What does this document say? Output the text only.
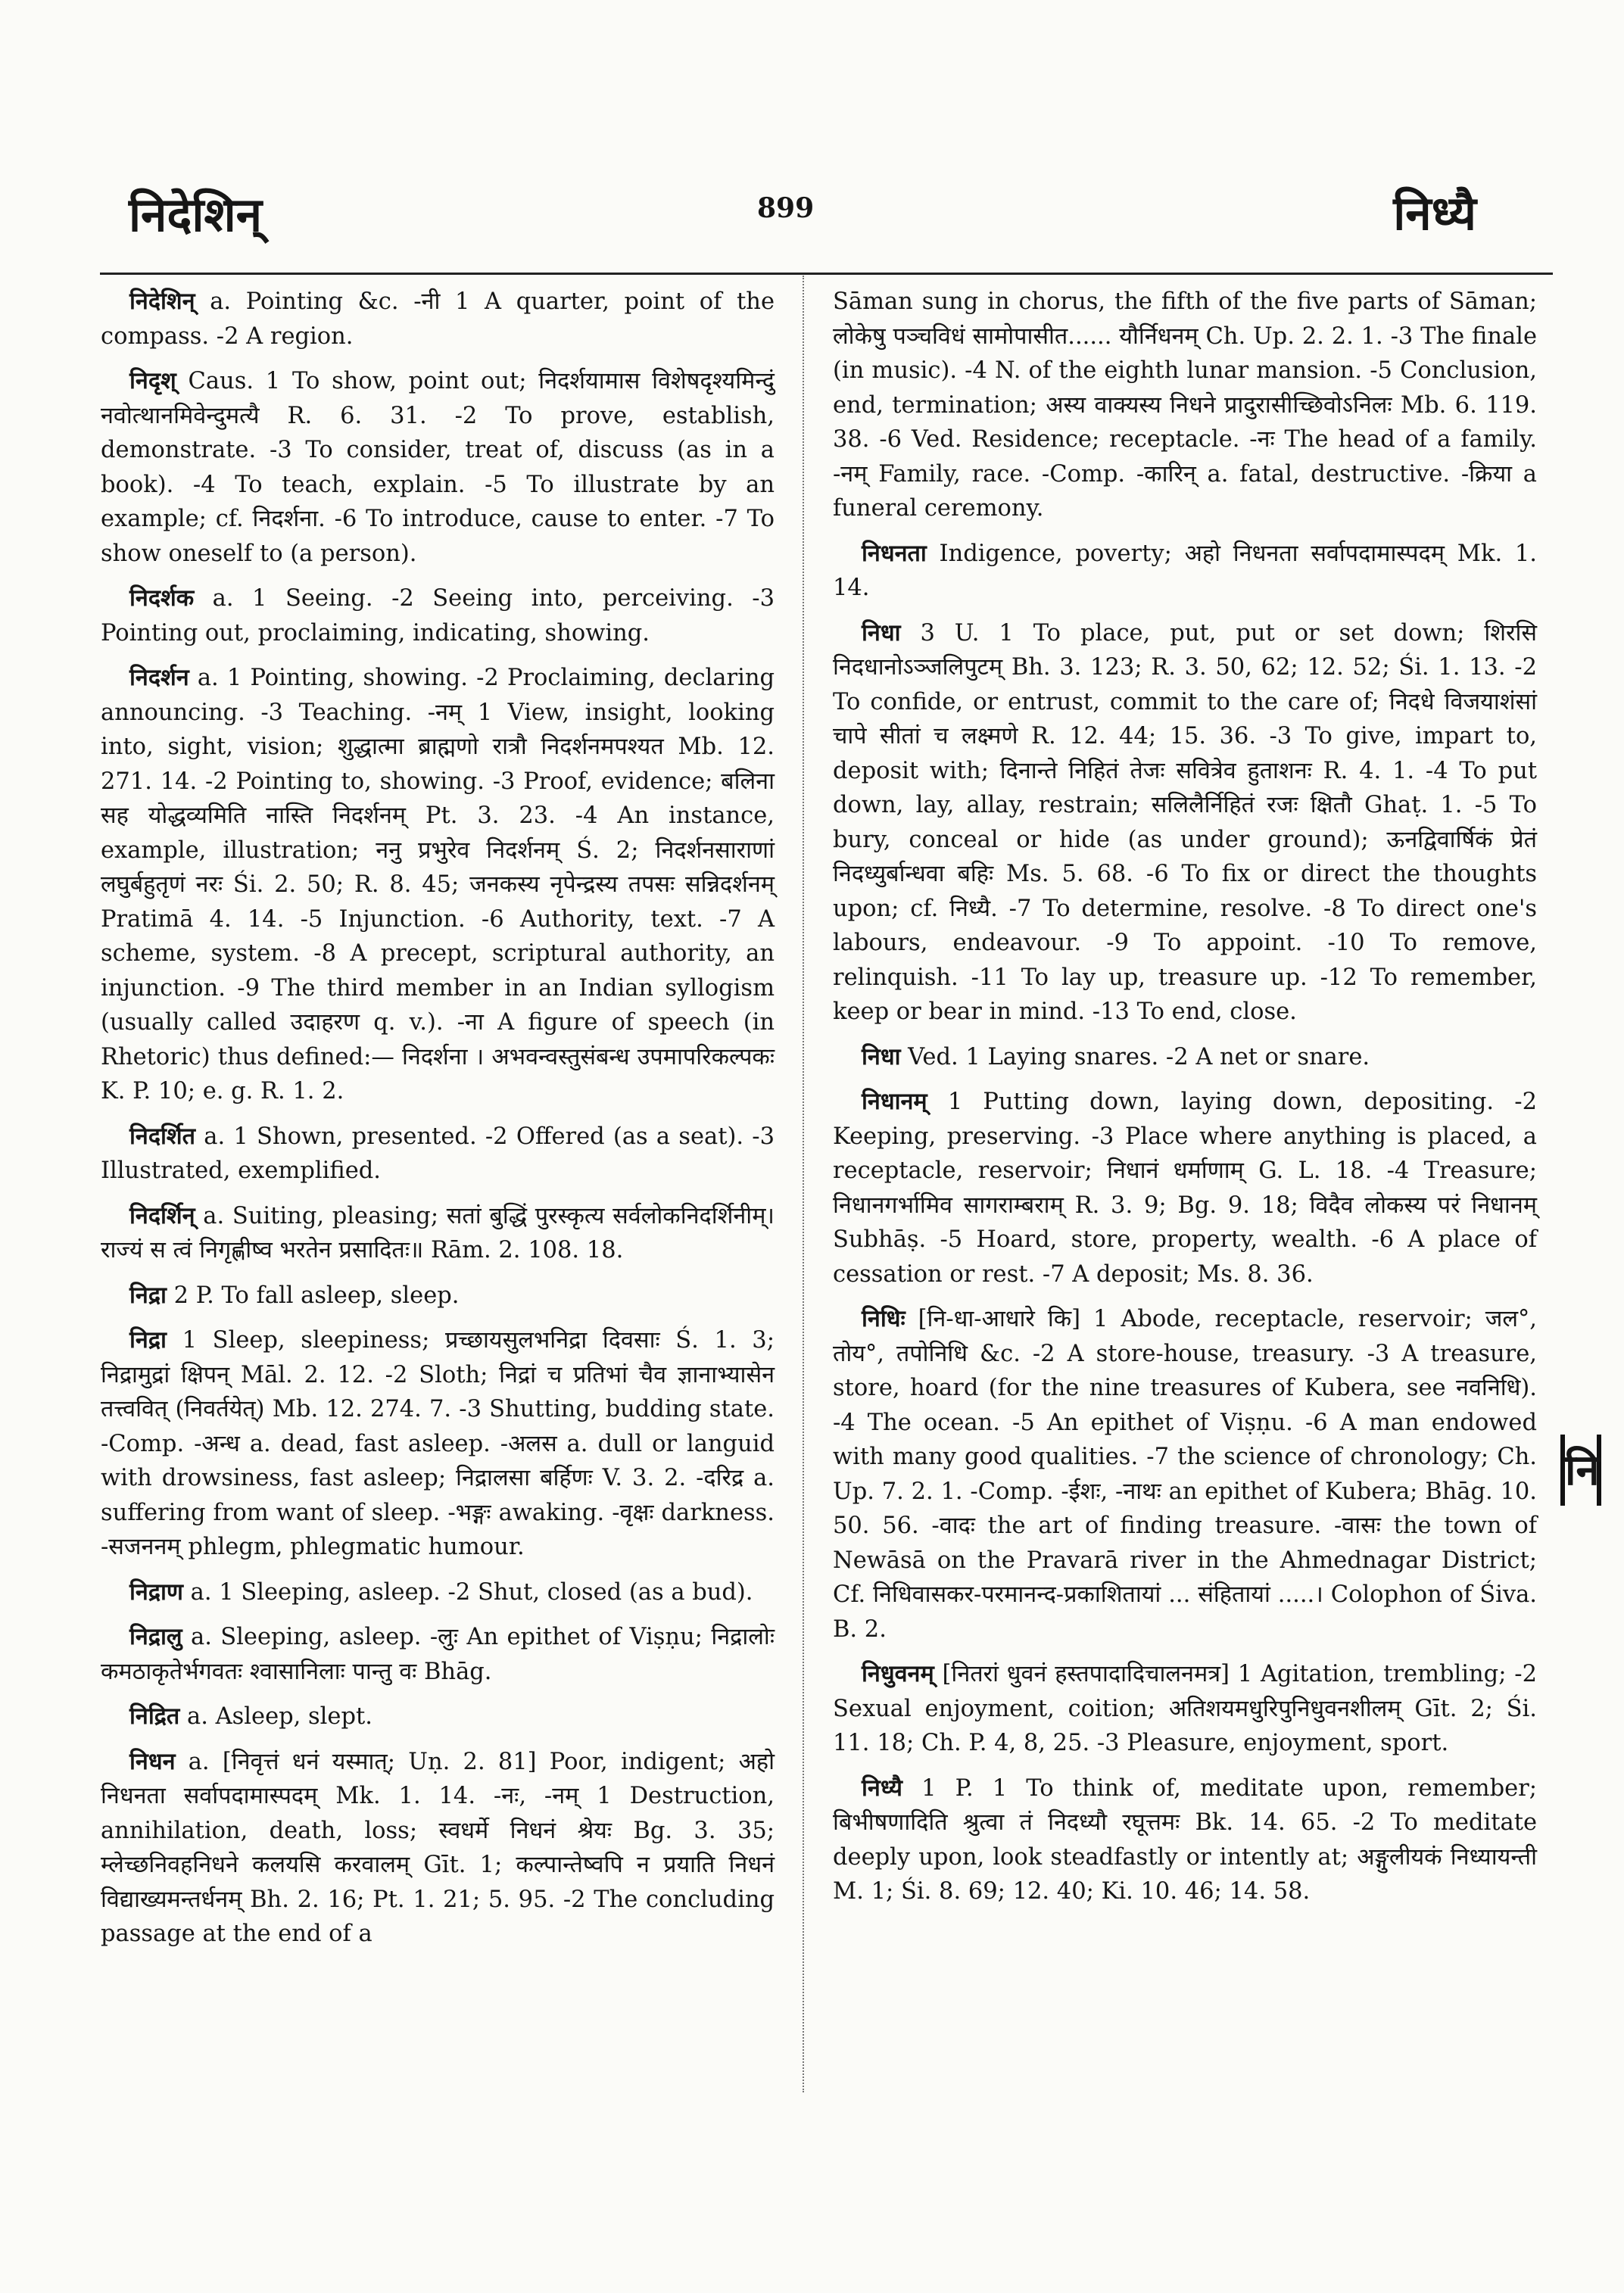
निदेशिन्	899	निध्यै

निदेशिन् a. Pointing &c. -नी 1 A quarter, point of the compass. -2 A region.

निदृश् Caus. 1 To show, point out; निदर्शयामास विशेषदृश्यमिन्दुं नवोत्थानमिवेन्दुमत्यै R. 6. 31. -2 To prove, establish, demonstrate. -3 To consider, treat of, discuss (as in a book). -4 To teach, explain. -5 To illustrate by an example; cf. निदर्शना. -6 To introduce, cause to enter. -7 To show oneself to (a person).

निदर्शक a. 1 Seeing. -2 Seeing into, perceiving. -3 Pointing out, proclaiming, indicating, showing.

निदर्शन a. 1 Pointing, showing. -2 Proclaiming, declaring announcing. -3 Teaching. -नम् 1 View, insight, looking into, sight, vision; शुद्धात्मा ब्राह्मणो रात्रौ निदर्शनमपश्यत Mb. 12. 271. 14. -2 Pointing to, showing. -3 Proof, evidence; बलिना सह योद्धव्यमिति नास्ति निदर्शनम् Pt. 3. 23. -4 An instance, example, illustration; ननु प्रभुरेव निदर्शनम् Ś. 2; निदर्शनसाराणां लघुर्बहुतृणं नरः Śi. 2. 50; R. 8. 45; जनकस्य नृपेन्द्रस्य तपसः सन्निदर्शनम् Pratimā 4. 14. -5 Injunction. -6 Authority, text. -7 A scheme, system. -8 A precept, scriptural authority, an injunction. -9 The third member in an Indian syllogism (usually called उदाहरण q. v.). -ना A figure of speech (in Rhetoric) thus defined:— निदर्शना । अभवन्वस्तुसंबन्ध उपमापरिकल्पकः K. P. 10; e. g. R. 1. 2.

निदर्शित a. 1 Shown, presented. -2 Offered (as a seat). -3 Illustrated, exemplified.

निदर्शिन् a. Suiting, pleasing; सतां बुद्धिं पुरस्कृत्य सर्वलोकनिदर्शिनीम्। राज्यं स त्वं निगृह्णीष्व भरतेन प्रसादितः॥ Rām. 2. 108. 18.

निद्रा 2 P. To fall asleep, sleep.

निद्रा 1 Sleep, sleepiness; प्रच्छायसुलभनिद्रा दिवसाः Ś. 1. 3; निद्रामुद्रां क्षिपन् Māl. 2. 12. -2 Sloth; निद्रां च प्रतिभां चैव ज्ञानाभ्यासेन तत्त्ववित् (निवर्तयेत्) Mb. 12. 274. 7. -3 Shutting, budding state. -Comp. -अन्ध a. dead, fast asleep. -अलस a. dull or languid with drowsiness, fast asleep; निद्रालसा बर्हिणः V. 3. 2. -दरिद्र a. suffering from want of sleep. -भङ्गः awaking. -वृक्षः darkness. -सजननम् phlegm, phlegmatic humour.

निद्राण a. 1 Sleeping, asleep. -2 Shut, closed (as a bud).

निद्रालु a. Sleeping, asleep. -लुः An epithet of Viṣṇu; निद्रालोः कमठाकृतेर्भगवतः श्वासानिलाः पान्तु वः Bhāg.

निद्रित a. Asleep, slept.

निधन a. [निवृत्तं धनं यस्मात्; Uṇ. 2. 81] Poor, indigent; अहो निधनता सर्वापदामास्पदम् Mk. 1. 14. -नः, -नम् 1 Destruction, annihilation, death, loss; स्वधर्मे निधनं श्रेयः Bg. 3. 35; म्लेच्छनिवहनिधने कलयसि करवालम् Gīt. 1; कल्पान्तेष्वपि न प्रयाति निधनं विद्याख्यमन्तर्धनम् Bh. 2. 16; Pt. 1. 21; 5. 95. -2 The concluding passage at the end of a

Sāman sung in chorus, the fifth of the five parts of Sāman; लोकेषु पञ्चविधं सामोपासीत...... यौर्निधनम् Ch. Up. 2. 2. 1. -3 The finale (in music). -4 N. of the eighth lunar mansion. -5 Conclusion, end, termination; अस्य वाक्यस्य निधने प्रादुरासीच्छिवोऽनिलः Mb. 6. 119. 38. -6 Ved. Residence; receptacle. -नः The head of a family. -नम् Family, race. -Comp. -कारिन् a. fatal, destructive. -क्रिया a funeral ceremony.

निधनता Indigence, poverty; अहो निधनता सर्वापदामास्पदम् Mk. 1. 14.

निधा 3 U. 1 To place, put, put or set down; शिरसि निदधानोऽञ्जलिपुटम् Bh. 3. 123; R. 3. 50, 62; 12. 52; Śi. 1. 13. -2 To confide, or entrust, commit to the care of; निदधे विजयाशंसां चापे सीतां च लक्ष्मणे R. 12. 44; 15. 36. -3 To give, impart to, deposit with; दिनान्ते निहितं तेजः सवित्रेव हुताशनः R. 4. 1. -4 To put down, lay, allay, restrain; सलिलैर्निहितं रजः क्षितौ Ghaṭ. 1. -5 To bury, conceal or hide (as under ground); ऊनद्विवार्षिकं प्रेतं निदध्युर्बान्धवा बहिः Ms. 5. 68. -6 To fix or direct the thoughts upon; cf. निध्यै. -7 To determine, resolve. -8 To direct one's labours, endeavour. -9 To appoint. -10 To remove, relinquish. -11 To lay up, treasure up. -12 To remember, keep or bear in mind. -13 To end, close.

निधा Ved. 1 Laying snares. -2 A net or snare.

निधानम् 1 Putting down, laying down, depositing. -2 Keeping, preserving. -3 Place where anything is placed, a receptacle, reservoir; निधानं धर्माणाम् G. L. 18. -4 Treasure; निधानगर्भामिव सागराम्बराम् R. 3. 9; Bg. 9. 18; विदैव लोकस्य परं निधानम् Subhāṣ. -5 Hoard, store, property, wealth. -6 A place of cessation or rest. -7 A deposit; Ms. 8. 36.

निधिः [नि-धा-आधारे कि] 1 Abode, receptacle, reservoir; जल°, तोय°, तपोनिधि &c. -2 A store-house, treasury. -3 A treasure, store, hoard (for the nine treasures of Kubera, see नवनिधि). -4 The ocean. -5 An epithet of Viṣṇu. -6 A man endowed with many good qualities. -7 the science of chronology; Ch. Up. 7. 2. 1. -Comp. -ईशः, -नाथः an epithet of Kubera; Bhāg. 10. 50. 56. -वादः the art of finding treasure. -वासः the town of Newāsā on the Pravarā river in the Ahmednagar District; Cf. निधिवासकर-परमानन्द-प्रकाशितायां ... संहितायां .....। Colophon of Śiva. B. 2.

निधुवनम् [नितरां धुवनं हस्तपादादिचालनमत्र] 1 Agitation, trembling; -2 Sexual enjoyment, coition; अतिशयमधुरिपुनिधुवनशीलम् Gīt. 2; Śi. 11. 18; Ch. P. 4, 8, 25. -3 Pleasure, enjoyment, sport.

निध्यै 1 P. 1 To think of, meditate upon, remember; बिभीषणादिति श्रुत्वा तं निदध्यौ रघूत्तमः Bk. 14. 65. -2 To meditate deeply upon, look steadfastly or intently at; अङ्गुलीयकं निध्यायन्ती M. 1; Śi. 8. 69; 12. 40; Ki. 10. 46; 14. 58.

नि
